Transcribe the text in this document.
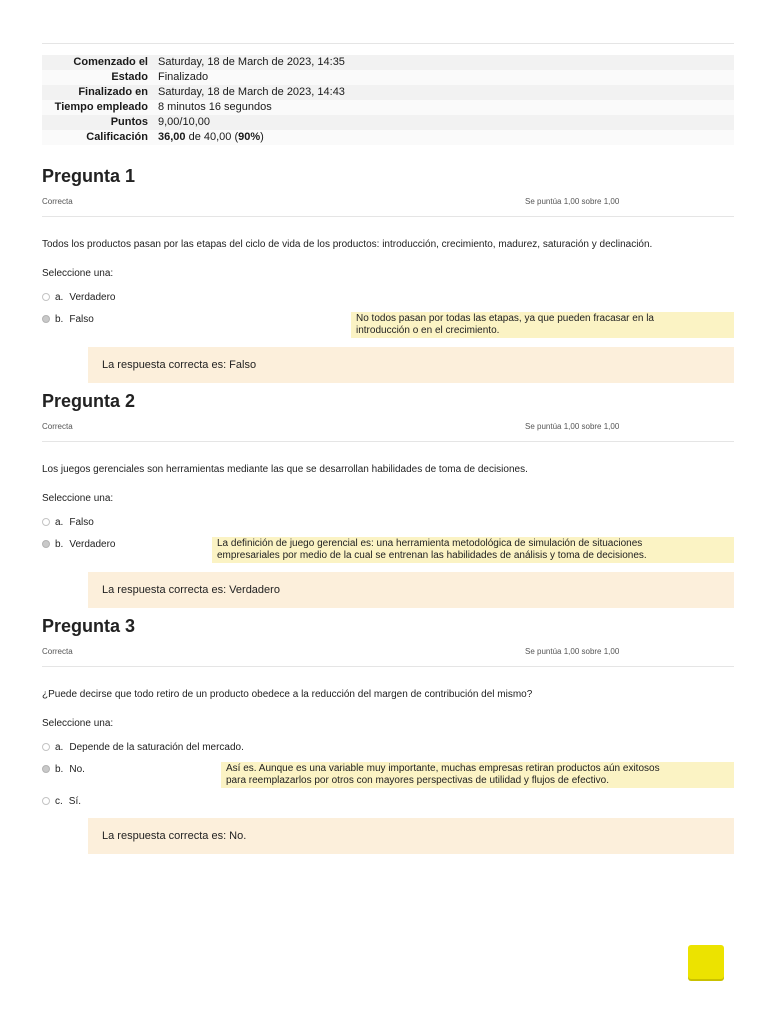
Comenzado el	Saturday, 18 de March de 2023, 14:35
Estado	Finalizado
Finalizado en	Saturday, 18 de March de 2023, 14:43
Tiempo empleado	8 minutos 16 segundos
Puntos	9,00/10,00
Calificación	36,00 de 40,00 (90%)
Pregunta 1
Correcta	Se puntúa 1,00 sobre 1,00
Todos los productos pasan por las etapas del ciclo de vida de los productos: introducción, crecimiento, madurez, saturación y declinación.
Seleccione una:
a. Verdadero
b. Falso	No todos pasan por todas las etapas, ya que pueden fracasar en la
introducción o en el crecimiento.
La respuesta correcta es: Falso
Pregunta 2
Correcta	Se puntúa 1,00 sobre 1,00
Los juegos gerenciales son herramientas mediante las que se desarrollan habilidades de toma de decisiones.
Seleccione una:
a. Falso
b. Verdadero	La definición de juego gerencial es: una herramienta metodológica de simulación de situaciones
empresariales por medio de la cual se entrenan las habilidades de análisis y toma de decisiones.
La respuesta correcta es: Verdadero
Pregunta 3
Correcta	Se puntúa 1,00 sobre 1,00
¿Puede decirse que todo retiro de un producto obedece a la reducción del margen de contribución del mismo?
Seleccione una:
a. Depende de la saturación del mercado.
b. No.	Así es. Aunque es una variable muy importante, muchas empresas retiran productos aún exitosos
para reemplazarlos por otros con mayores perspectivas de utilidad y flujos de efectivo.
c. Sí.
La respuesta correcta es: No.
